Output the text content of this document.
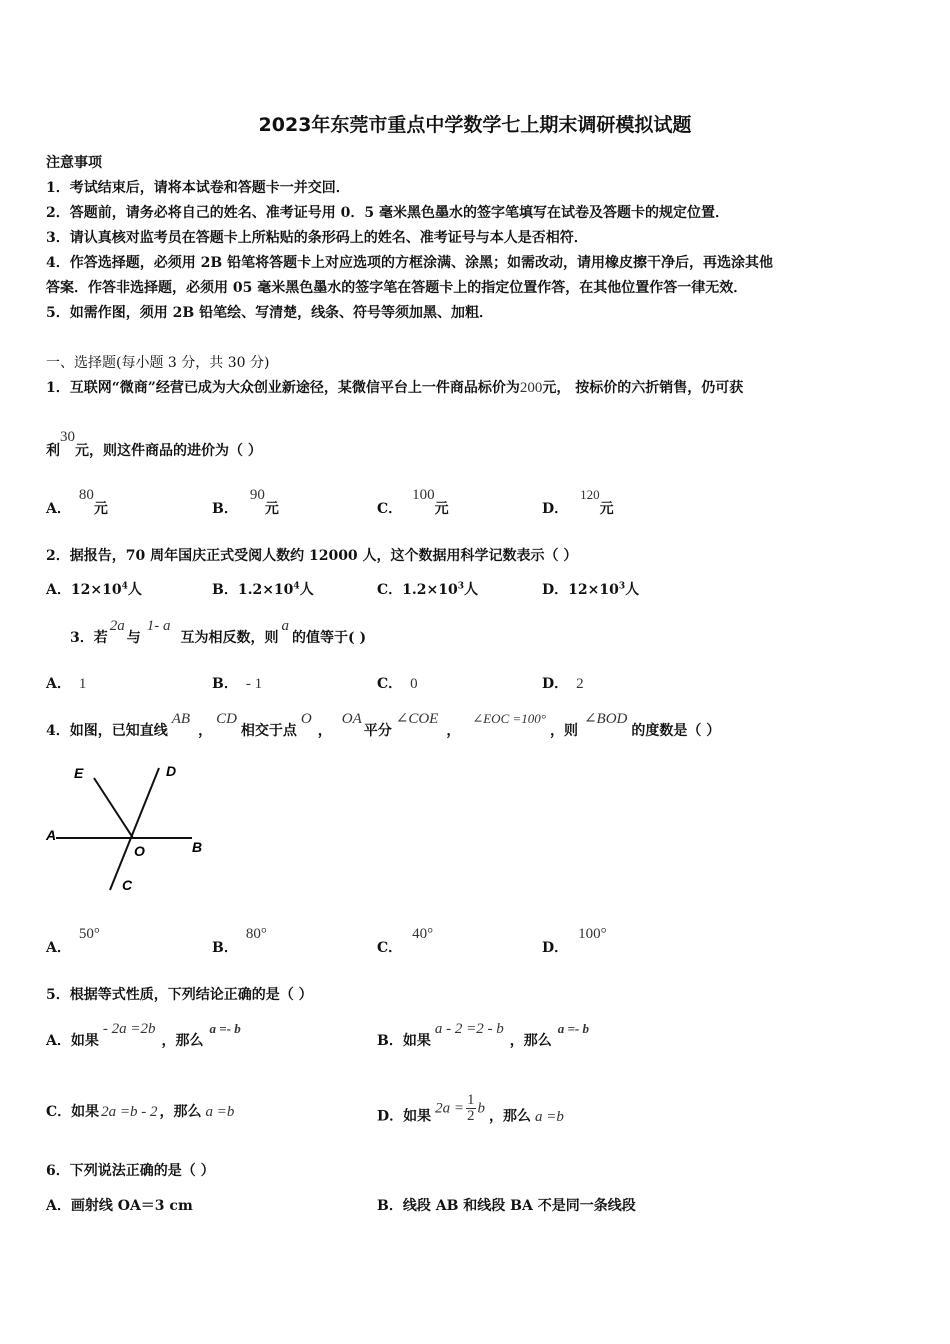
2023年东莞市重点中学数学七上期末调研模拟试题
注意事项
1．考试结束后，请将本试卷和答题卡一并交回．
2．答题前，请务必将自己的姓名、准考证号用 0．5 毫米黑色墨水的签字笔填写在试卷及答题卡的规定位置．
3．请认真核对监考员在答题卡上所粘贴的条形码上的姓名、准考证号与本人是否相符．
4．作答选择题，必须用 2B 铅笔将答题卡上对应选项的方框涂满、涂黑；如需改动，请用橡皮擦干净后，再选涂其他
答案．作答非选择题，必须用 05 毫米黑色墨水的签字笔在答题卡上的指定位置作答，在其他位置作答一律无效．
5．如需作图，须用 2B 铅笔绘、写清楚，线条、符号等须加黑、加粗．
一、选择题(每小题 3 分，共 30 分)
1．互联网“微商”经营已成为大众创业新途径，某微信平台上一件商品标价为200元， 按标价的六折销售，仍可获
利30元，则这件商品的进价为（ ）
A．80元	B．90元	C．100元	D．120元
2．据报告，70 周年国庆正式受阅人数约 12000 人，这个数据用科学记数表示（ ）
A．$12\times 10^4$人	B．$1.2\times 10^4$人	C．$1.2\times 10^3$人	D．$12\times 10^3$人
3．若2a与1- a互为相反数，则a的值等于( )
A． 1	B． - 1	C． 0	D． 2
4．如图，已知直线AB，CD相交于点O，OA平分∠COE，∠EOC =100°，则∠BOD的度数是（ ）
E	D
A
O	B
C
A．50°
B．80°
C．40°
D．100°
5．根据等式性质，下列结论正确的是（ ）
A．如果- 2a =2b，那么a =- b
B．如果a - 2 =2 - b，那么a =- b
C．如果 2a =b - 2 ，那么 a =b	D．如果 $2a = \frac{1}{2}$ b ，那么 a =b
6．下列说法正确的是（ ）
A．画射线 OA＝3 cm	B．线段 AB 和线段 BA 不是同一条线段
